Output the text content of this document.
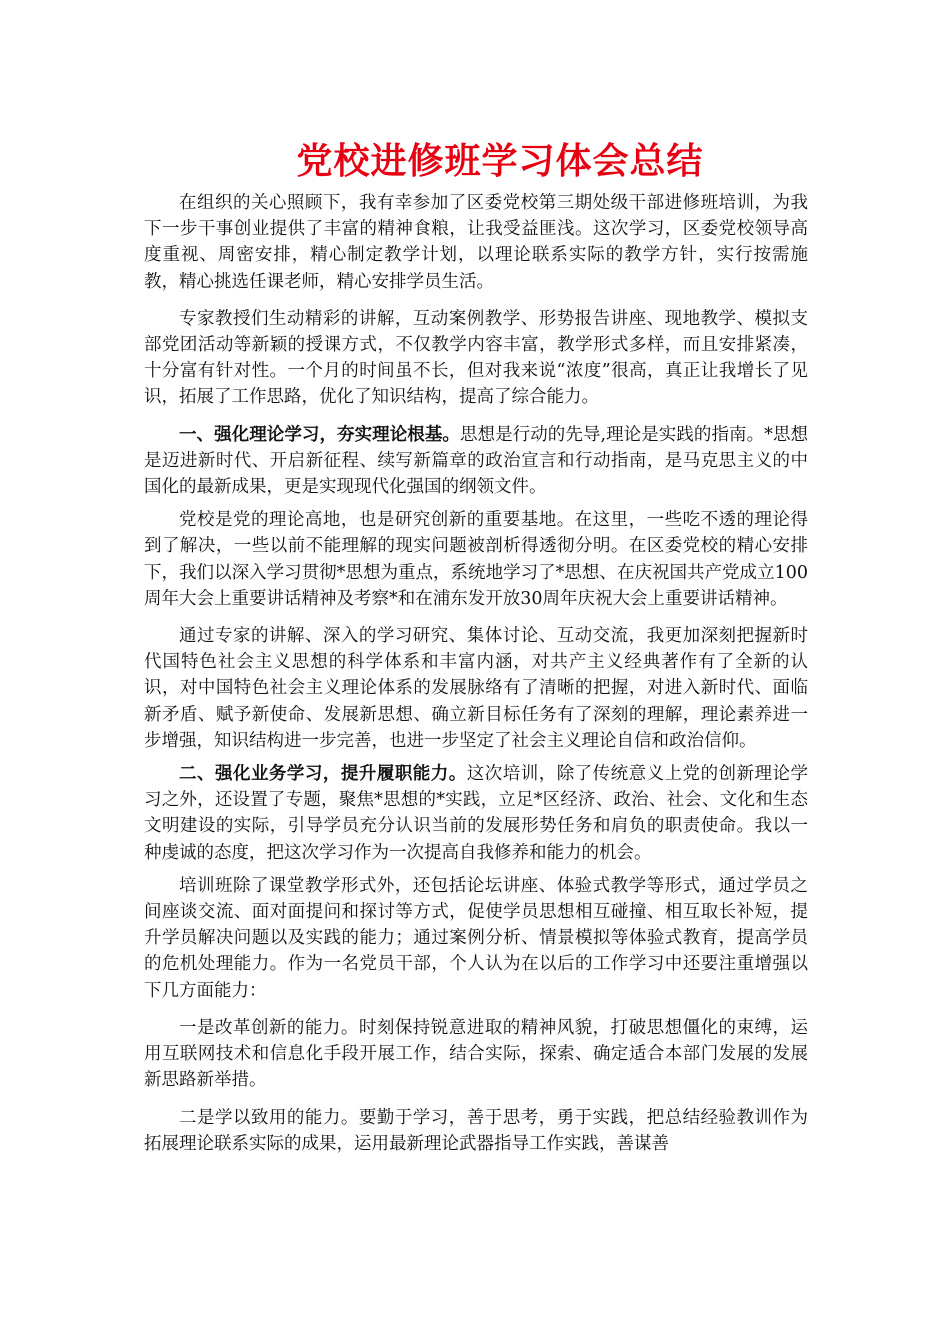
党校进修班学习体会总结

在组织的关心照顾下，我有幸参加了区委党校第三期处级干部进修班培训，为我下一步干事创业提供了丰富的精神食粮，让我受益匪浅。这次学习，区委党校领导高度重视、周密安排，精心制定教学计划，以理论联系实际的教学方针，实行按需施教，精心挑选任课老师，精心安排学员生活。

专家教授们生动精彩的讲解，互动案例教学、形势报告讲座、现地教学、模拟支部党团活动等新颖的授课方式，不仅教学内容丰富，教学形式多样，而且安排紧凑，十分富有针对性。一个月的时间虽不长，但对我来说“浓度”很高，真正让我增长了见识，拓展了工作思路，优化了知识结构，提高了综合能力。

一、强化理论学习，夯实理论根基。思想是行动的先导,理论是实践的指南。*思想是迈进新时代、开启新征程、续写新篇章的政治宣言和行动指南，是马克思主义的中国化的最新成果，更是实现现代化强国的纲领文件。

党校是党的理论高地，也是研究创新的重要基地。在这里，一些吃不透的理论得到了解决，一些以前不能理解的现实问题被剖析得透彻分明。在区委党校的精心安排下，我们以深入学习贯彻*思想为重点，系统地学习了*思想、在庆祝国共产党成立100周年大会上重要讲话精神及考察*和在浦东发开放30周年庆祝大会上重要讲话精神。

通过专家的讲解、深入的学习研究、集体讨论、互动交流，我更加深刻把握新时代国特色社会主义思想的科学体系和丰富内涵，对共产主义经典著作有了全新的认识，对中国特色社会主义理论体系的发展脉络有了清晰的把握，对进入新时代、面临新矛盾、赋予新使命、发展新思想、确立新目标任务有了深刻的理解，理论素养进一步增强，知识结构进一步完善，也进一步坚定了社会主义理论自信和政治信仰。

二、强化业务学习，提升履职能力。这次培训，除了传统意义上党的创新理论学习之外，还设置了专题，聚焦*思想的*实践，立足*区经济、政治、社会、文化和生态文明建设的实际，引导学员充分认识当前的发展形势任务和肩负的职责使命。我以一种虔诚的态度，把这次学习作为一次提高自我修养和能力的机会。

培训班除了课堂教学形式外，还包括论坛讲座、体验式教学等形式，通过学员之间座谈交流、面对面提问和探讨等方式，促使学员思想相互碰撞、相互取长补短，提升学员解决问题以及实践的能力；通过案例分析、情景模拟等体验式教育，提高学员的危机处理能力。作为一名党员干部，个人认为在以后的工作学习中还要注重增强以下几方面能力：

一是改革创新的能力。时刻保持锐意进取的精神风貌，打破思想僵化的束缚，运用互联网技术和信息化手段开展工作，结合实际，探索、确定适合本部门发展的发展新思路新举措。

二是学以致用的能力。要勤于学习，善于思考，勇于实践，把总结经验教训作为拓展理论联系实际的成果，运用最新理论武器指导工作实践，善谋善
